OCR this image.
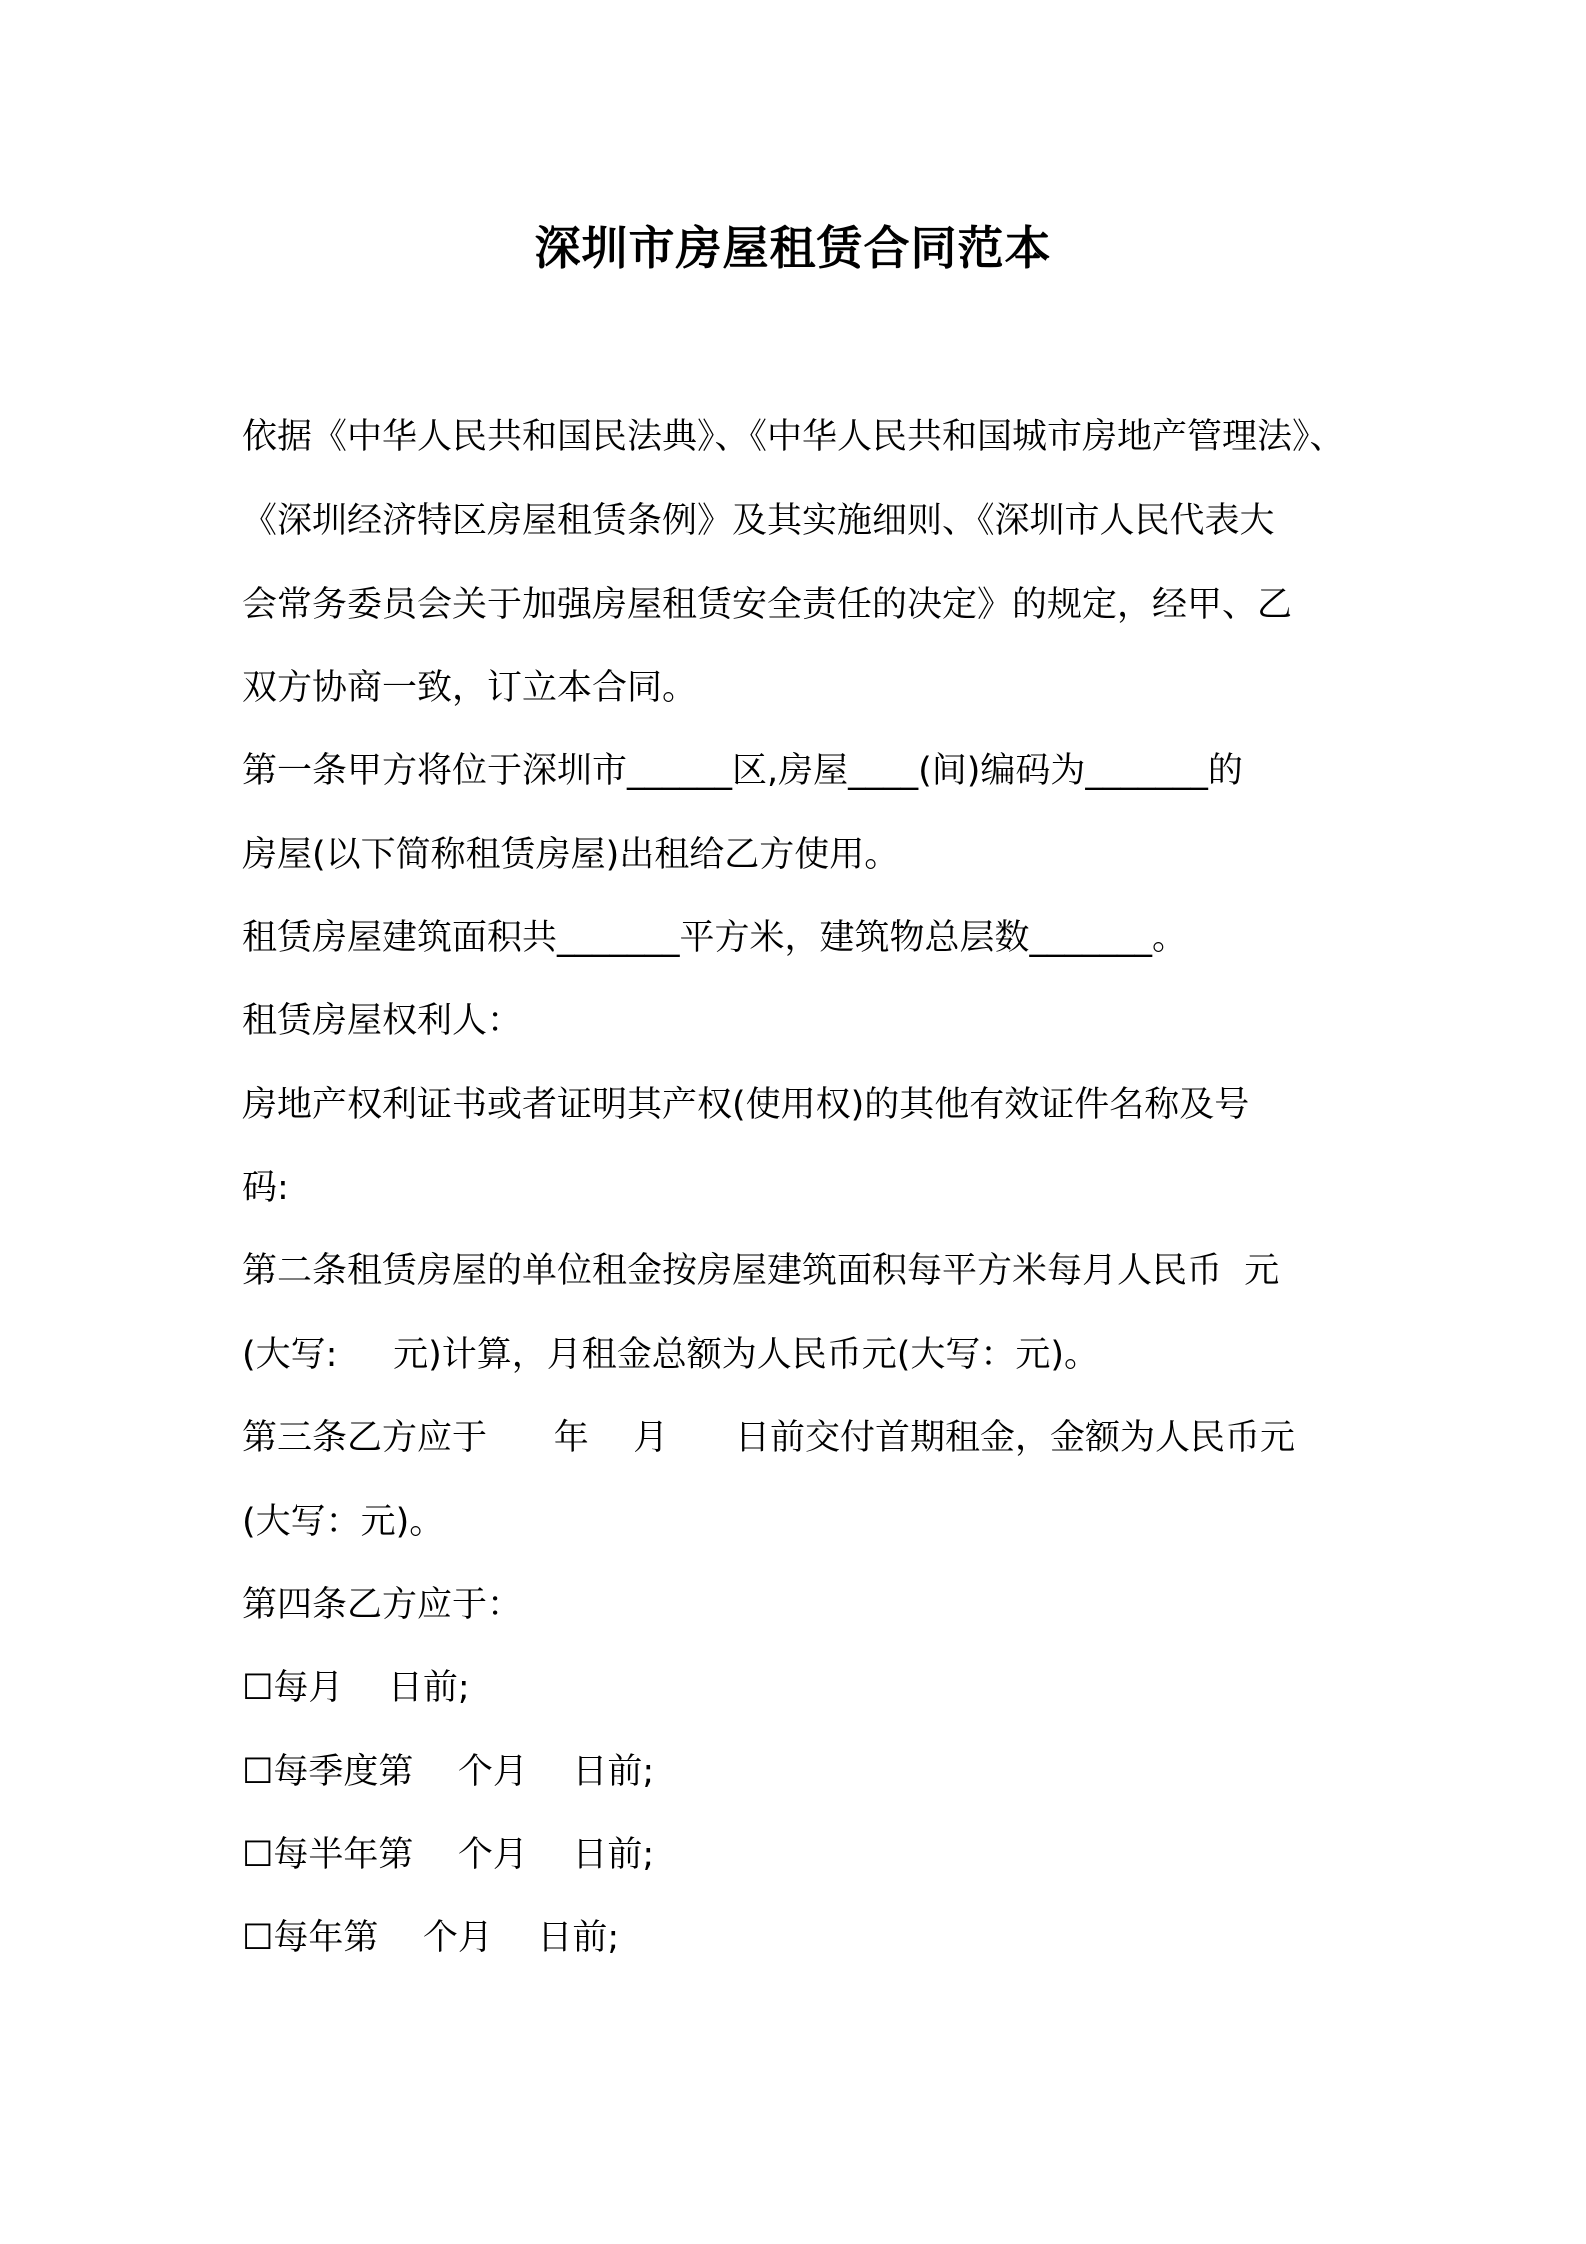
深圳市房屋租赁合同范本
依据《中华人民共和国民法典》、《中华人民共和国城市房地产管理法》、
《深圳经济特区房屋租赁条例》及其实施细则、《深圳市人民代表大
会常务委员会关于加强房屋租赁安全责任的决定》的规定，经甲、乙
双方协商一致，订立本合同。
第一条甲方将位于深圳市______区,房屋____(间)编码为_______的
房屋(以下简称租赁房屋)出租给乙方使用。
租赁房屋建筑面积共_______平方米，建筑物总层数_______。
租赁房屋权利人：
房地产权利证书或者证明其产权(使用权)的其他有效证件名称及号
码:
第二条租赁房屋的单位租金按房屋建筑面积每平方米每月人民币  元
(大写:     元)计算，月租金总额为人民币元(大写：元)。
第三条乙方应于      年    月      日前交付首期租金，金额为人民币元
(大写：元)。
第四条乙方应于：
☐每月    日前;
☐每季度第    个月    日前;
☐每半年第    个月    日前;
☐每年第    个月    日前;
